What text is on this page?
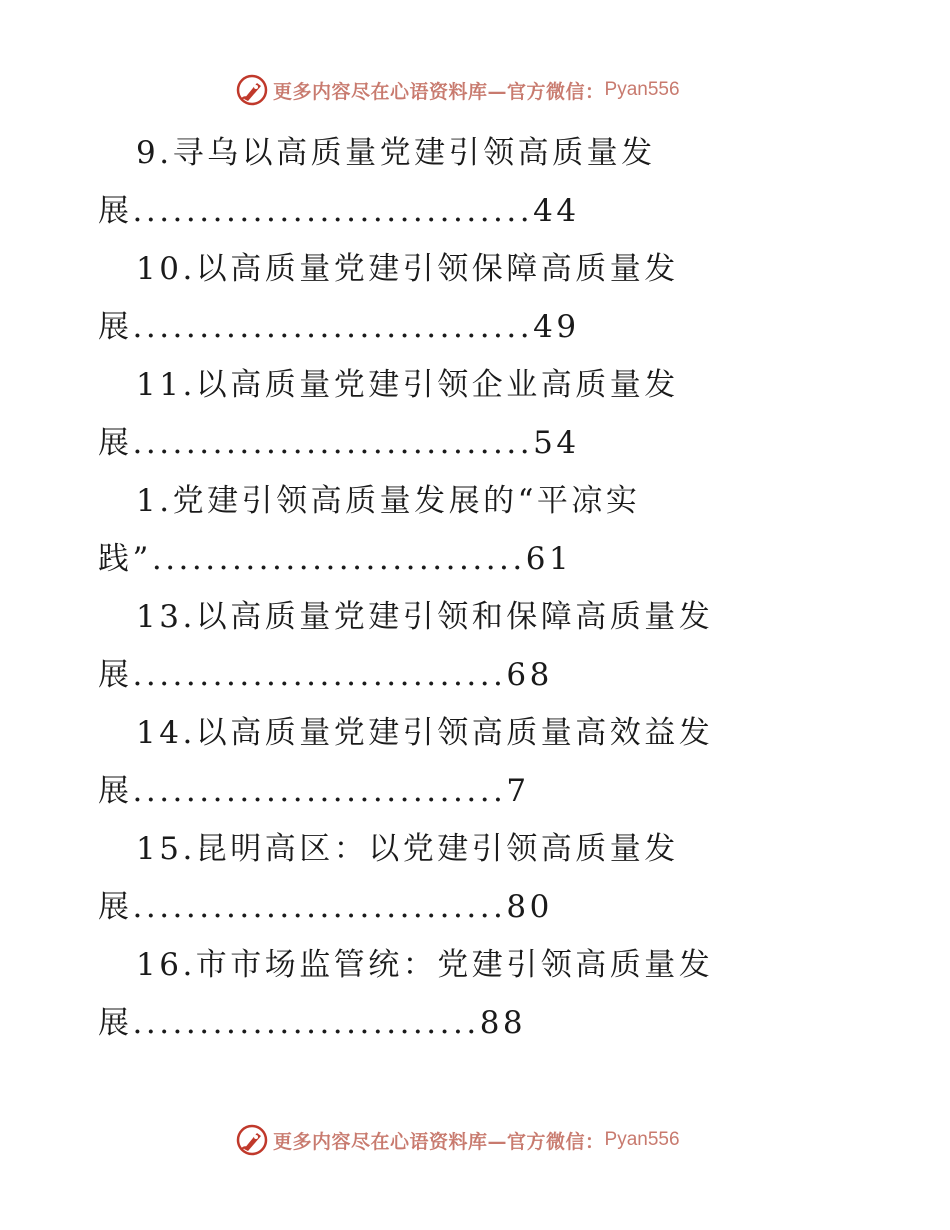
更多内容尽在心语资料库—官方微信： Pyan556
9.寻乌以高质量党建引领高质量发
展..............................44
10.以高质量党建引领保障高质量发
展..............................49
11.以高质量党建引领企业高质量发
展..............................54
1.党建引领高质量发展的“平凉实
践”............................61
13.以高质量党建引领和保障高质量发
展............................68
14.以高质量党建引领高质量高效益发
展............................7
15.昆明高区：以党建引领高质量发
展............................80
16.市市场监管统：党建引领高质量发
展..........................88
更多内容尽在心语资料库—官方微信： Pyan556
